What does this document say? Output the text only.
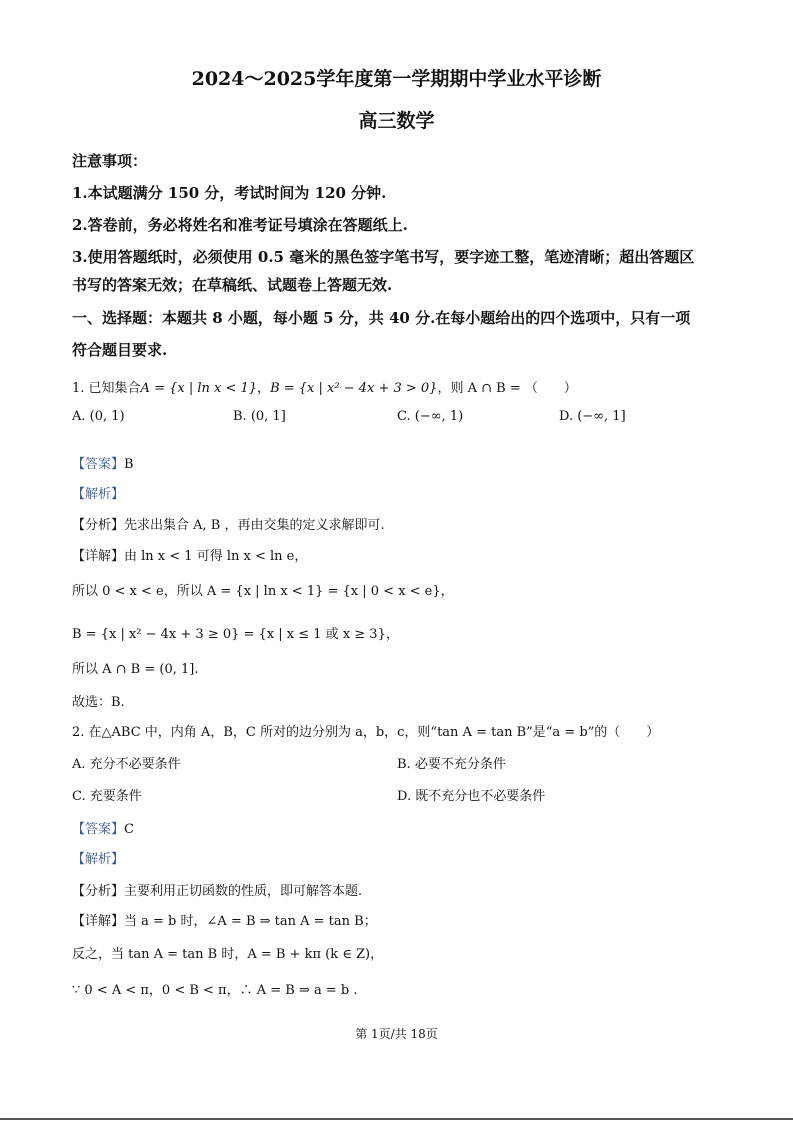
2024～2025学年度第一学期期中学业水平诊断
高三数学
注意事项：
1.本试题满分 150 分，考试时间为 120 分钟.
2.答卷前，务必将姓名和准考证号填涂在答题纸上.
3.使用答题纸时，必须使用 0.5 毫米的黑色签字笔书写，要字迹工整，笔迹清晰；超出答题区
书写的答案无效；在草稿纸、试题卷上答题无效.
一、选择题：本题共 8 小题，每小题 5 分，共 40 分.在每小题给出的四个选项中，只有一项
符合题目要求.
1. 已知集合A = {x | ln x < 1}，B = {x | x² − 4x + 3 > 0}，则 A ∩ B = （　　）
A. (0, 1)	B. (0, 1]	C. (−∞, 1)	D. (−∞, 1]
【答案】B
【解析】
【分析】先求出集合 A, B ，再由交集的定义求解即可.
【详解】由 ln x < 1 可得 ln x < ln e，
所以 0 < x < e，所以 A = {x | ln x < 1} = {x | 0 < x < e}，
B = {x | x² − 4x + 3 ≥ 0} = {x | x ≤ 1 或 x ≥ 3}，
所以 A ∩ B = (0, 1].
故选：B.
2. 在△ABC 中，内角 A，B，C 所对的边分别为 a，b，c，则“tan A = tan B”是“a = b”的（　　）
A. 充分不必要条件	B. 必要不充分条件
C. 充要条件	D. 既不充分也不必要条件
【答案】C
【解析】
【分析】主要利用正切函数的性质，即可解答本题.
【详解】当 a = b 时，∠A = B ⇒ tan A = tan B；
反之，当 tan A = tan B 时，A = B + kπ (k ∈ Z)，
∵ 0 < A < π，0 < B < π，∴ A = B ⇒ a = b .
第 1页/共 18页
